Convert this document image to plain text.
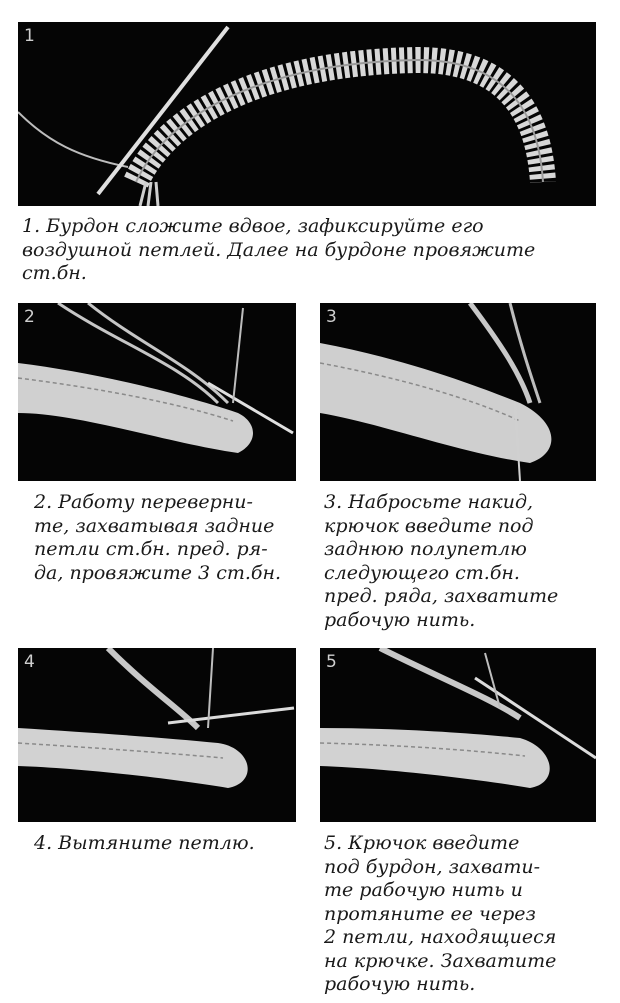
1
1. Бурдон сложите вдвое, зафиксируйте его
воздушной петлей. Далее на бурдоне провяжите
ст.бн.
2
2. Работу переверни-
те, захватывая задние
петли ст.бн. пред. ря-
да, провяжите 3 ст.бн.
3
3. Набросьте накид,
крючок введите под
заднюю полупетлю
следующего ст.бн.
пред. ряда, захватите
рабочую нить.
4
4. Вытяните петлю.
5
5. Крючок введите
под бурдон, захвати-
те рабочую нить и
протяните ее через
2 петли, находящиеся
на крючке. Захватите
рабочую нить.
